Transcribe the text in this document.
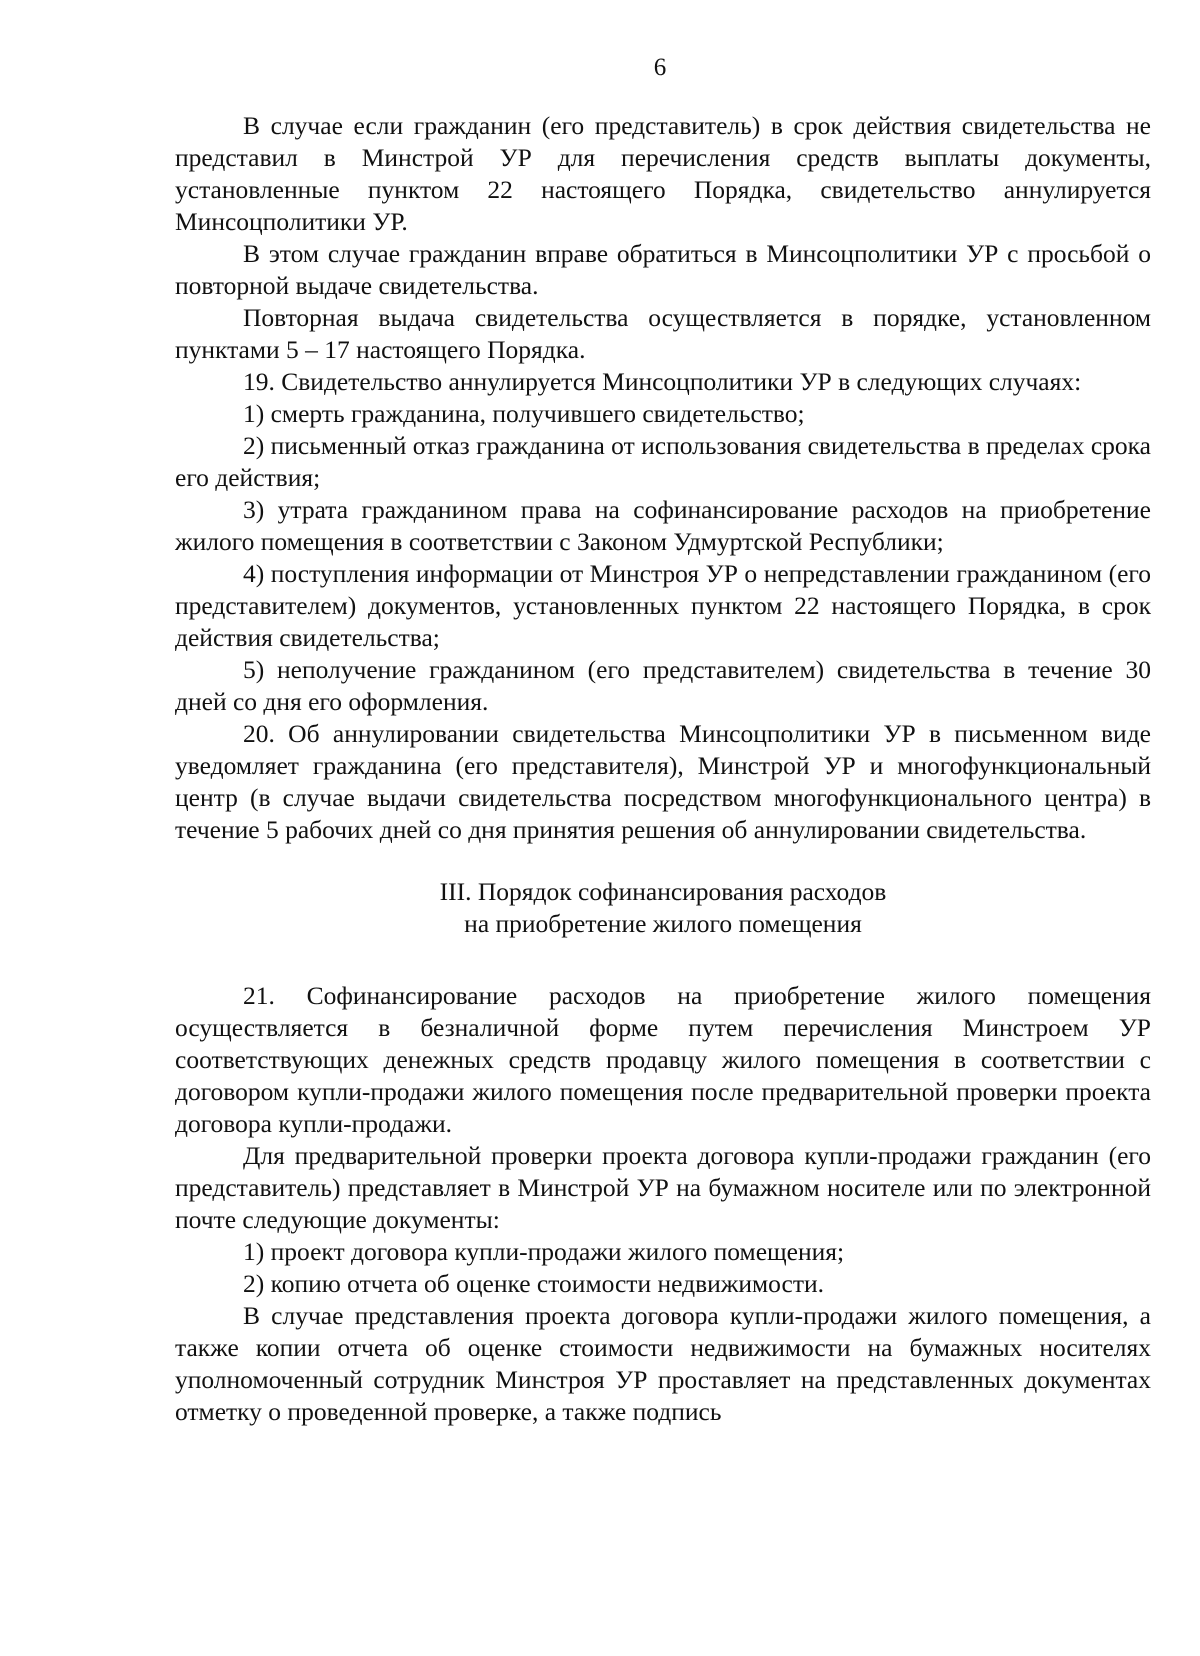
6

В случае если гражданин (его представитель) в срок действия свидетельства не представил в Минстрой УР для перечисления средств выплаты документы, установленные пунктом 22 настоящего Порядка, свидетельство аннулируется Минсоцполитики УР.

В этом случае гражданин вправе обратиться в Минсоцполитики УР с просьбой о повторной выдаче свидетельства.

Повторная выдача свидетельства осуществляется в порядке, установленном пунктами 5 – 17 настоящего Порядка.

19. Свидетельство аннулируется Минсоцполитики УР в следующих случаях:

1) смерть гражданина, получившего свидетельство;

2) письменный отказ гражданина от использования свидетельства в пределах срока его действия;

3) утрата гражданином права на софинансирование расходов на приобретение жилого помещения в соответствии с Законом Удмуртской Республики;

4) поступления информации от Минстроя УР о непредставлении гражданином (его представителем) документов, установленных пунктом 22 настоящего Порядка, в срок действия свидетельства;

5) неполучение гражданином (его представителем) свидетельства в течение 30 дней со дня его оформления.

20. Об аннулировании свидетельства Минсоцполитики УР в письменном виде уведомляет гражданина (его представителя), Минстрой УР и многофункциональный центр (в случае выдачи свидетельства посредством многофункционального центра) в течение 5 рабочих дней со дня принятия решения об аннулировании свидетельства.

III. Порядок софинансирования расходов
на приобретение жилого помещения

21. Софинансирование расходов на приобретение жилого помещения осуществляется в безналичной форме путем перечисления Минстроем УР соответствующих денежных средств продавцу жилого помещения в соответствии с договором купли-продажи жилого помещения после предварительной проверки проекта договора купли-продажи.

Для предварительной проверки проекта договора купли-продажи гражданин (его представитель) представляет в Минстрой УР на бумажном носителе или по электронной почте следующие документы:

1) проект договора купли-продажи жилого помещения;

2) копию отчета об оценке стоимости недвижимости.

В случае представления проекта договора купли-продажи жилого помещения, а также копии отчета об оценке стоимости недвижимости на бумажных носителях уполномоченный сотрудник Минстроя УР проставляет на представленных документах отметку о проведенной проверке, а также подпись
